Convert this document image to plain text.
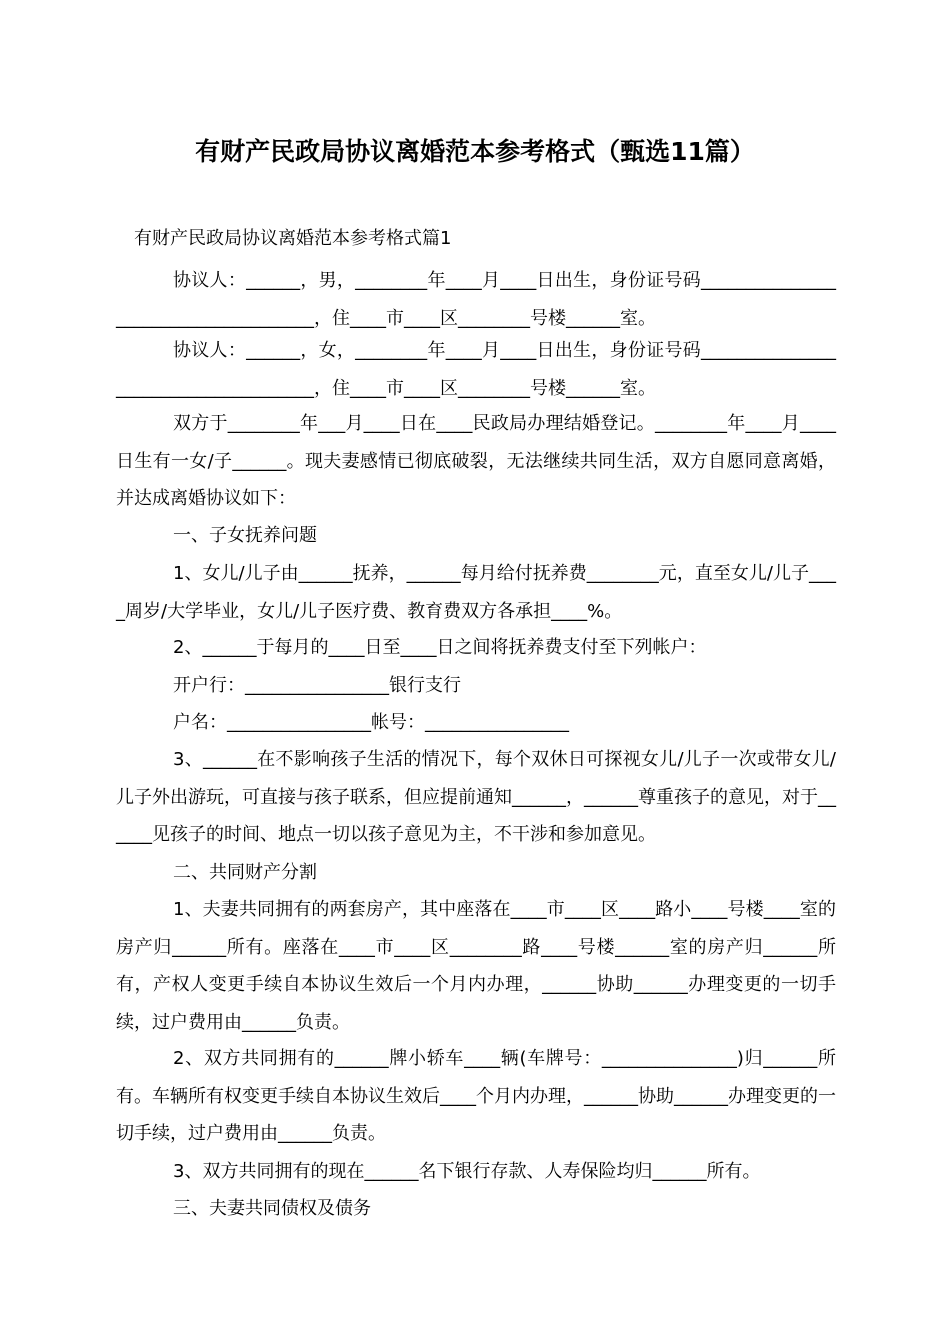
有财产民政局协议离婚范本参考格式（甄选11篇）

有财产民政局协议离婚范本参考格式篇1

协议人：______，男，________年____月____日出生，身份证号码_____________________________________，住____市____区________号楼______室。

协议人：______，女，________年____月____日出生，身份证号码_____________________________________，住____市____区________号楼______室。

双方于________年___月____日在____民政局办理结婚登记。________年____月____日生有一女/子______。现夫妻感情已彻底破裂，无法继续共同生活，双方自愿同意离婚，并达成离婚协议如下：

一、子女抚养问题

1、女儿/儿子由______抚养，______每月给付抚养费________元，直至女儿/儿子____周岁/大学毕业，女儿/儿子医疗费、教育费双方各承担____%。

2、______于每月的____日至____日之间将抚养费支付至下列帐户：

开户行：________________银行支行

户名：________________帐号：________________

3、______在不影响孩子生活的情况下，每个双休日可探视女儿/儿子一次或带女儿/儿子外出游玩，可直接与孩子联系，但应提前通知______，______尊重孩子的意见，对于______见孩子的时间、地点一切以孩子意见为主，不干涉和参加意见。

二、共同财产分割

1、夫妻共同拥有的两套房产，其中座落在____市____区____路小____号楼____室的房产归______所有。座落在____市____区________路____号楼______室的房产归______所有，产权人变更手续自本协议生效后一个月内办理，______协助______办理变更的一切手续，过户费用由______负责。

2、双方共同拥有的______牌小轿车____辆(车牌号：_______________)归______所有。车辆所有权变更手续自本协议生效后____个月内办理，______协助______办理变更的一切手续，过户费用由______负责。

3、双方共同拥有的现在______名下银行存款、人寿保险均归______所有。

三、夫妻共同债权及债务
